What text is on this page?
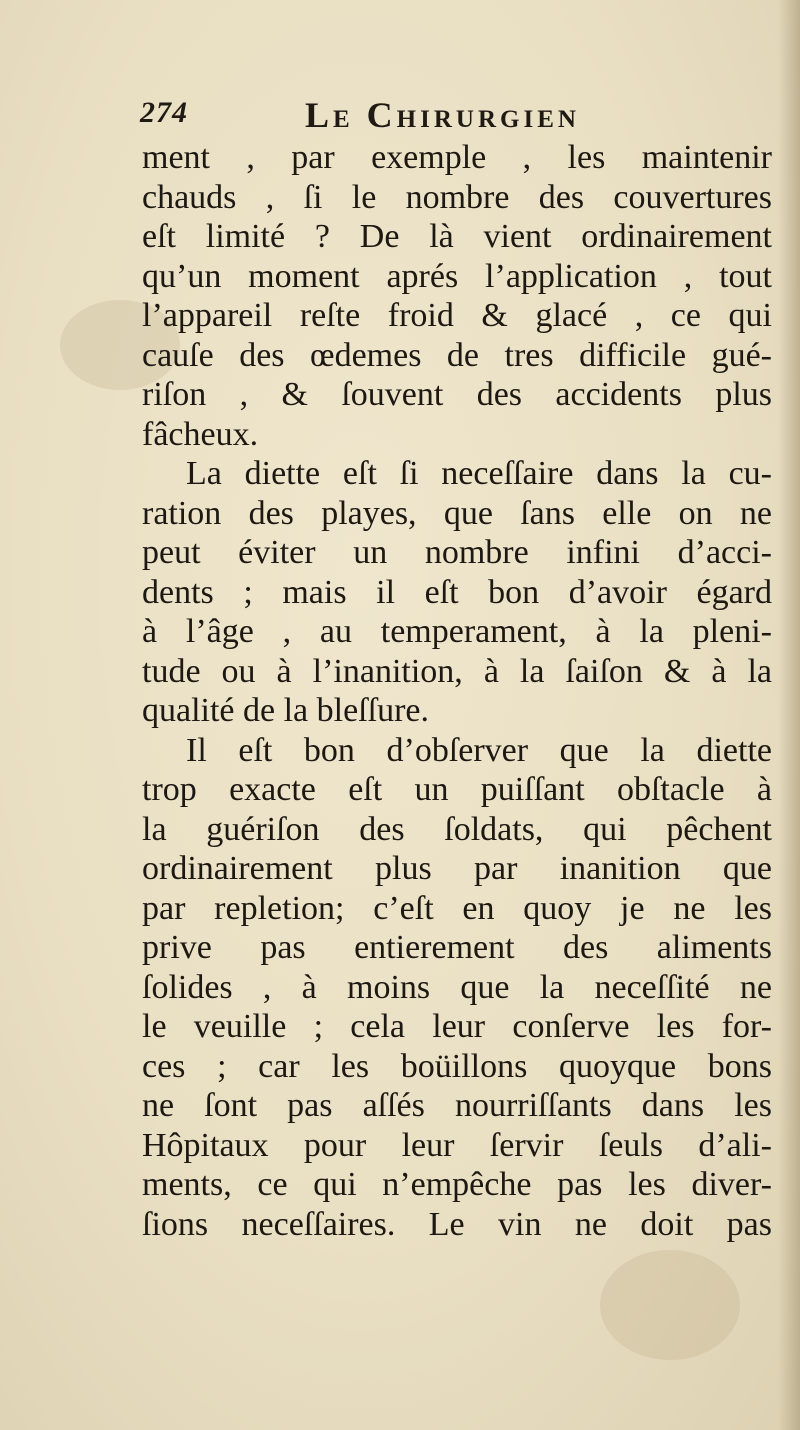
274	Le Chirurgien
ment , par exemple , les maintenir
chauds , ſi le nombre des couvertures
eſt limité ? De là vient ordinairement
qu’un moment aprés l’application , tout
l’appareil reſte froid & glacé , ce qui
cauſe des œdemes de tres difficile gué-
riſon , & ſouvent des accidents plus
fâcheux.
La diette eſt ſi neceſſaire dans la cu-
ration des playes, que ſans elle on ne
peut éviter un nombre infini d’acci-
dents ; mais il eſt bon d’avoir égard
à l’âge , au temperament, à la pleni-
tude ou à l’inanition, à la ſaiſon & à la
qualité de la bleſſure.
Il eſt bon d’obſerver que la diette
trop exacte eſt un puiſſant obſtacle à
la guériſon des ſoldats, qui pêchent
ordinairement plus par inanition que
par repletion; c’eſt en quoy je ne les
prive pas entierement des aliments
ſolides , à moins que la neceſſité ne
le veuille ; cela leur conſerve les for-
ces ; car les boüillons quoyque bons
ne ſont pas aſſés nourriſſants dans les
Hôpitaux pour leur ſervir ſeuls d’ali-
ments, ce qui n’empêche pas les diver-
ſions neceſſaires. Le vin ne doit pas
